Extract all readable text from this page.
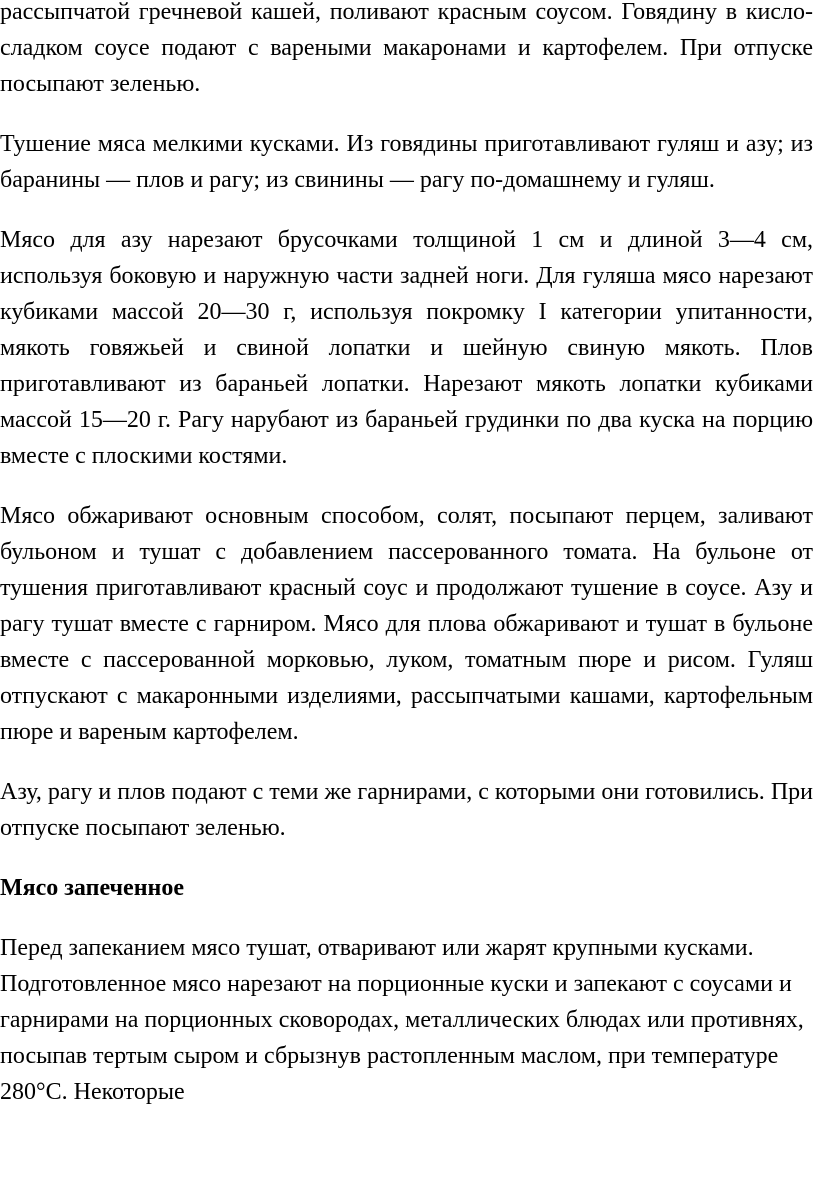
рассыпчатой гречневой кашей, поливают красным соусом. Говядину в кисло-сладком соусе подают с вареными макаронами и картофелем. При отпуске посыпают зеленью.

Тушение мяса мелкими кусками. Из говядины приготавливают гуляш и азу; из баранины — плов и рагу; из свинины — рагу по-домашнему и гуляш.

Мясо для азу нарезают брусочками толщиной 1 см и длиной 3—4 см, используя боковую и наружную части задней ноги. Для гуляша мясо нарезают кубиками массой 20—30 г, используя покромку I категории упитанности, мякоть говяжьей и свиной лопатки и шейную свиную мякоть. Плов приготавливают из бараньей лопатки. Нарезают мякоть лопатки кубиками массой 15—20 г. Рагу нарубают из бараньей грудинки по два куска на порцию вместе с плоскими костями.

Мясо обжаривают основным способом, солят, посыпают перцем, заливают бульоном и тушат с добавлением пассерованного томата. На бульоне от тушения приготавливают красный соус и продолжают тушение в соусе. Азу и рагу тушат вместе с гарниром. Мясо для плова обжаривают и тушат в бульоне вместе с пассерованной морковью, луком, томатным пюре и рисом. Гуляш отпускают с макаронными изделиями, рассыпчатыми кашами, картофельным пюре и вареным картофелем.

Азу, рагу и плов подают с теми же гарнирами, с которыми они готовились. При отпуске посыпают зеленью.

Мясо запеченное

Перед запеканием мясо тушат, отваривают или жарят крупными кусками. Подготовленное мясо нарезают на порционные куски и запекают с соусами и гарнирами на порционных сковородах, металлических блюдах или противнях, посыпав тертым сыром и сбрызнув растопленным маслом, при температуре 280°С. Некоторые
